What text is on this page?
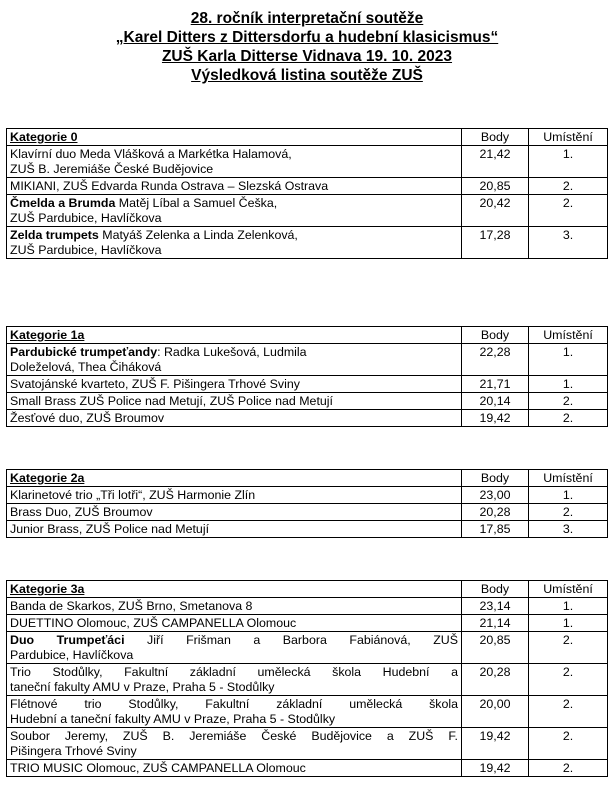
28. ročník interpretační soutěže
„Karel Ditters z Dittersdorfu a hudební klasicismus“
ZUŠ Karla Ditterse Vidnava 19. 10. 2023
Výsledková listina soutěže ZUŠ
Kategorie 0	Body	Umístění

Klavírní duo Meda Vlášková a Markétka Halamová,
ZUŠ B. Jeremiáše České Budějovice	21,42	1.

MIKIANI, ZUŠ Edvarda Runda Ostrava – Slezská Ostrava	20,85	2.

Čmelda a Brumda Matěj Líbal a Samuel Češka,
ZUŠ Pardubice, Havlíčkova	20,42	2.

Zelda trumpets Matyáš Zelenka a Linda Zelenková,
ZUŠ Pardubice, Havlíčkova	17,28	3.
Kategorie 1a	Body	Umístění

Pardubické trumpeťandy: Radka Lukešová, Ludmila
Doleželová, Thea Čiháková	22,28	1.

Svatojánské kvarteto, ZUŠ F. Pišingera Trhové Sviny	21,71	1.

Small Brass ZUŠ Police nad Metují, ZUŠ Police nad Metují	20,14	2.

Žesťové duo, ZUŠ Broumov	19,42	2.
Kategorie 2a	Body	Umístění

Klarinetové trio „Tři lotři“, ZUŠ Harmonie Zlín	23,00	1.

Brass Duo, ZUŠ Broumov	20,28	2.

Junior Brass, ZUŠ Police nad Metují	17,85	3.
Kategorie 3a	Body	Umístění

Banda de Skarkos, ZUŠ Brno, Smetanova 8	23,14	1.

DUETTINO Olomouc, ZUŠ CAMPANELLA Olomouc	21,14	1.

Duo Trumpeťáci Jiří Frišman a Barbora Fabiánová, ZUŠ
Pardubice, Havlíčkova	20,85	2.

Trio Stodůlky, Fakultní základní umělecká škola Hudební a
taneční fakulty AMU v Praze, Praha 5 - Stodůlky	20,28	2.

Flétnové trio Stodůlky, Fakultní základní umělecká škola
Hudební a taneční fakulty AMU v Praze, Praha 5 - Stodůlky	20,00	2.

Soubor Jeremy, ZUŠ B. Jeremiáše České Budějovice a ZUŠ F.
Pišingera Trhové Sviny	19,42	2.

TRIO MUSIC Olomouc, ZUŠ CAMPANELLA Olomouc	19,42	2.
